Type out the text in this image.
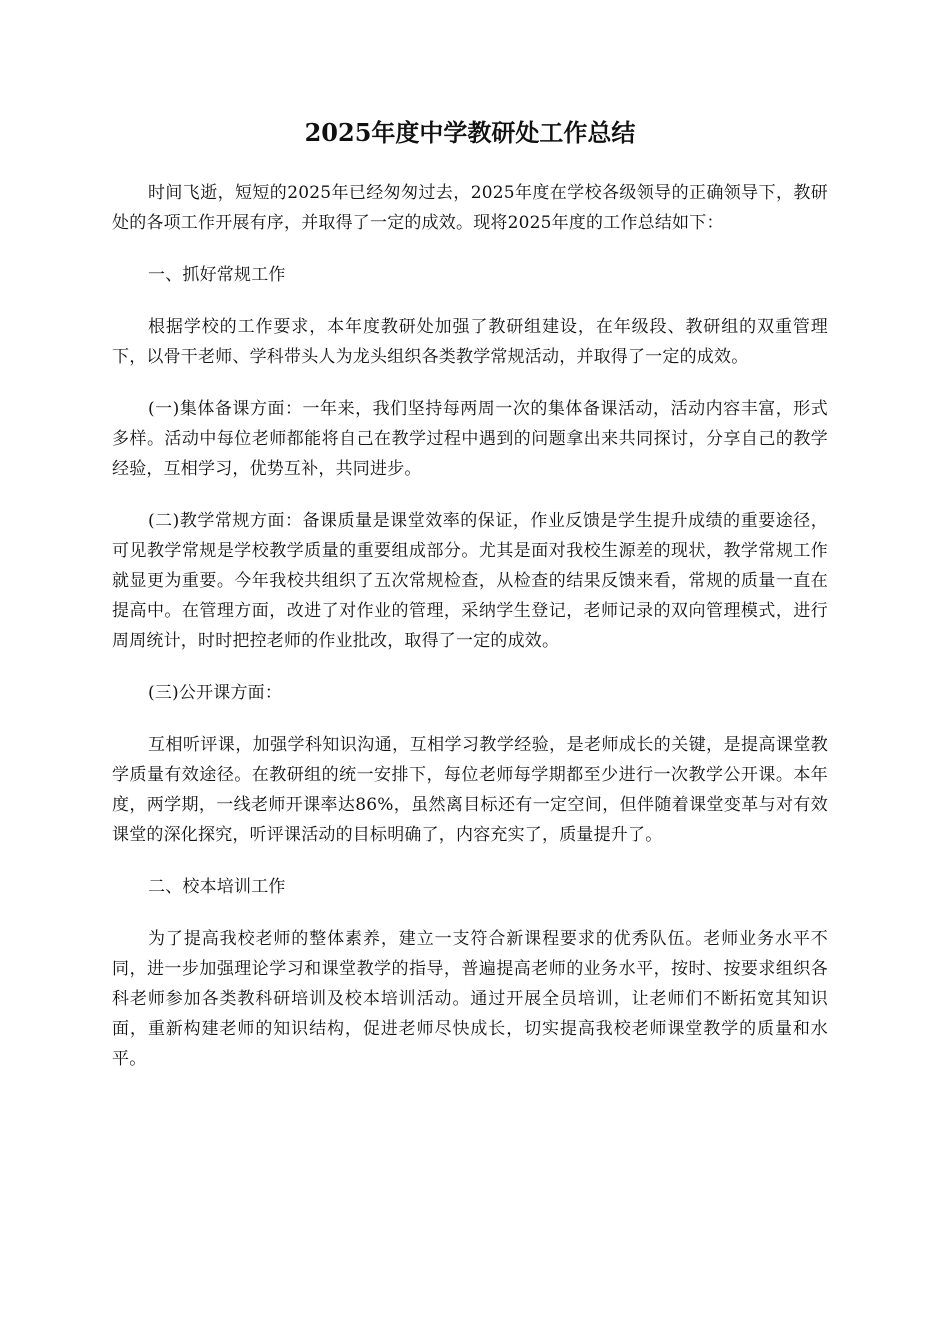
2025年度中学教研处工作总结

时间飞逝，短短的2025年已经匆匆过去，2025年度在学校各级领导的正确领导下，教研处的各项工作开展有序，并取得了一定的成效。现将2025年度的工作总结如下：

一、抓好常规工作

根据学校的工作要求，本年度教研处加强了教研组建设，在年级段、教研组的双重管理下，以骨干老师、学科带头人为龙头组织各类教学常规活动，并取得了一定的成效。

(一)集体备课方面：一年来，我们坚持每两周一次的集体备课活动，活动内容丰富，形式多样。活动中每位老师都能将自己在教学过程中遇到的问题拿出来共同探讨，分享自己的教学经验，互相学习，优势互补，共同进步。

(二)教学常规方面：备课质量是课堂效率的保证，作业反馈是学生提升成绩的重要途径，可见教学常规是学校教学质量的重要组成部分。尤其是面对我校生源差的现状，教学常规工作就显更为重要。今年我校共组织了五次常规检查，从检查的结果反馈来看，常规的质量一直在提高中。在管理方面，改进了对作业的管理，采纳学生登记，老师记录的双向管理模式，进行周周统计，时时把控老师的作业批改，取得了一定的成效。

(三)公开课方面：

互相听评课，加强学科知识沟通，互相学习教学经验，是老师成长的关键，是提高课堂教学质量有效途径。在教研组的统一安排下，每位老师每学期都至少进行一次教学公开课。本年度，两学期，一线老师开课率达86%，虽然离目标还有一定空间，但伴随着课堂变革与对有效课堂的深化探究，听评课活动的目标明确了，内容充实了，质量提升了。

二、校本培训工作

为了提高我校老师的整体素养，建立一支符合新课程要求的优秀队伍。老师业务水平不同，进一步加强理论学习和课堂教学的指导，普遍提高老师的业务水平，按时、按要求组织各科老师参加各类教科研培训及校本培训活动。通过开展全员培训，让老师们不断拓宽其知识面，重新构建老师的知识结构，促进老师尽快成长，切实提高我校老师课堂教学的质量和水平。
